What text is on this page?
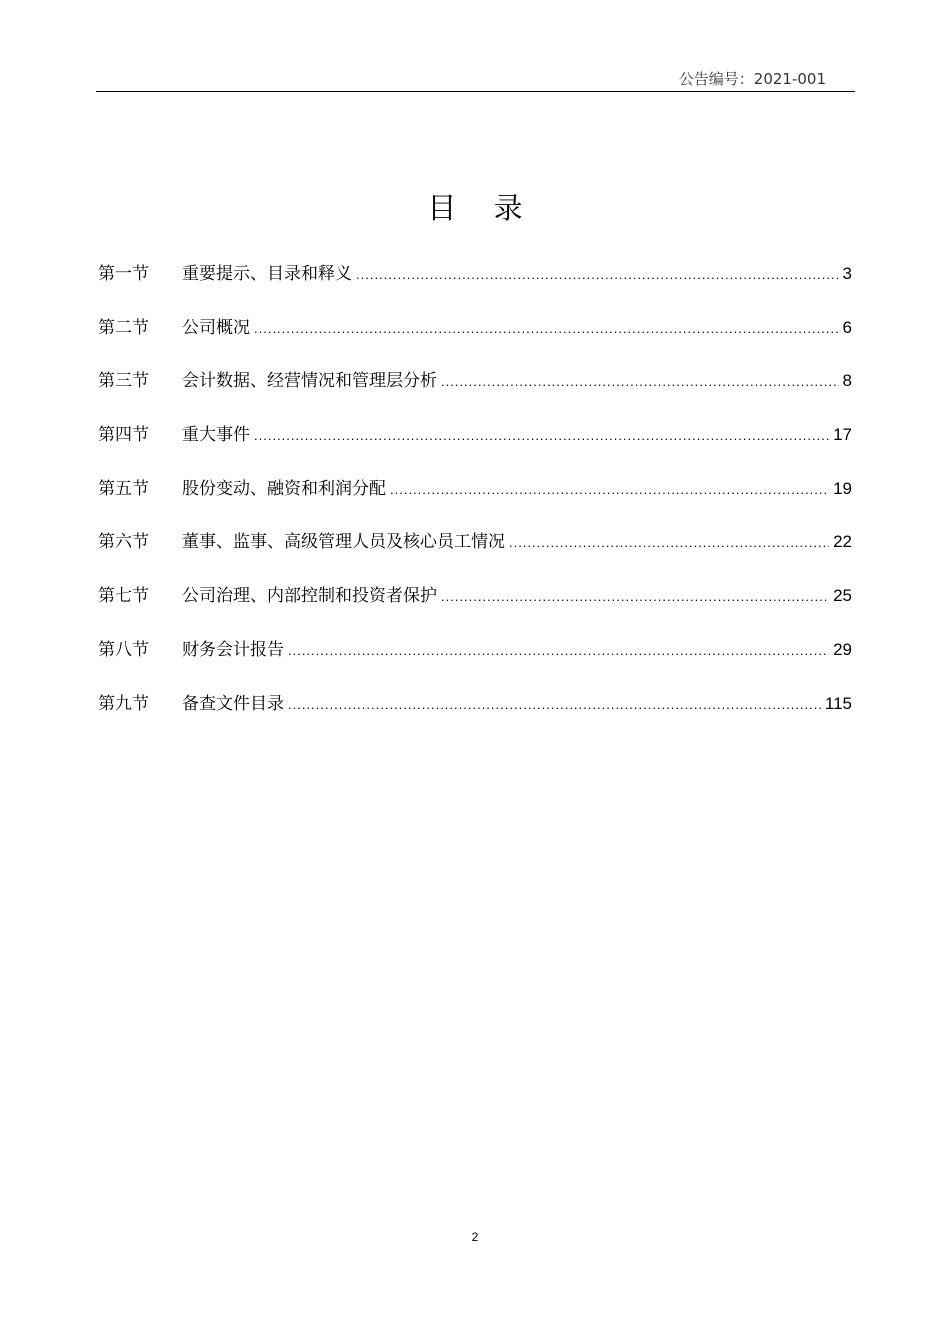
公告编号：2021-001
目 录
第一节	重要提示、目录和释义 .....	3
第二节	公司概况 .....	6
第三节	会计数据、经营情况和管理层分析 .....	8
第四节	重大事件 .....	17
第五节	股份变动、融资和利润分配 .....	19
第六节	董事、监事、高级管理人员及核心员工情况 .....	22
第七节	公司治理、内部控制和投资者保护 .....	25
第八节	财务会计报告 .....	29
第九节	备查文件目录 .....	115
2
